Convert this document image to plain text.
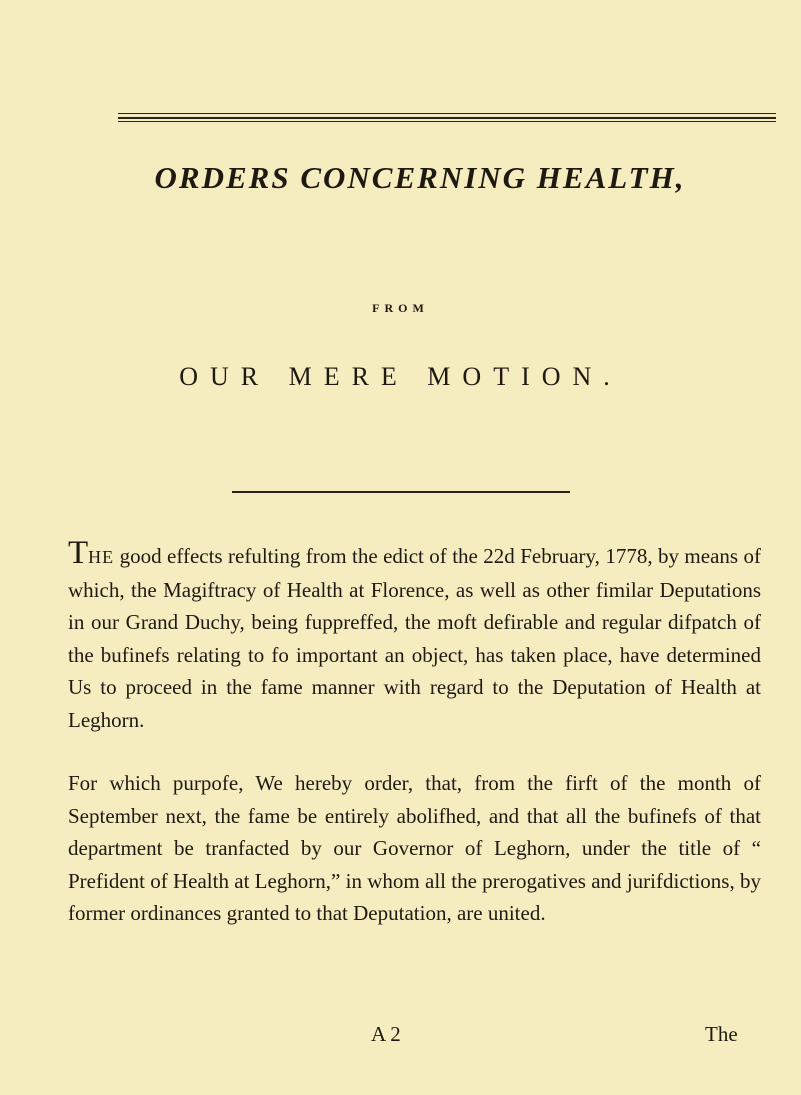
ORDERS CONCERNING HEALTH,
FROM
OUR MERE MOTION.

THE good effects refulting from the edict of the 22d February, 1778, by means of which, the Magiftracy of Health at Florence, as well as other fimilar Deputations in our Grand Duchy, being fuppreffed, the moft defirable and regular difpatch of the bufinefs relating to fo important an object, has taken place, have determined Us to proceed in the fame manner with regard to the Deputation of Health at Leghorn.

For which purpofe, We hereby order, that, from the firft of the month of September next, the fame be entirely abolifhed, and that all the bufinefs of that department be tranfacted by our Governor of Leghorn, under the title of “ Prefident of Health at Leghorn,” in whom all the prerogatives and jurifdictions, by former ordinances granted to that Deputation, are united.

A 2	The
